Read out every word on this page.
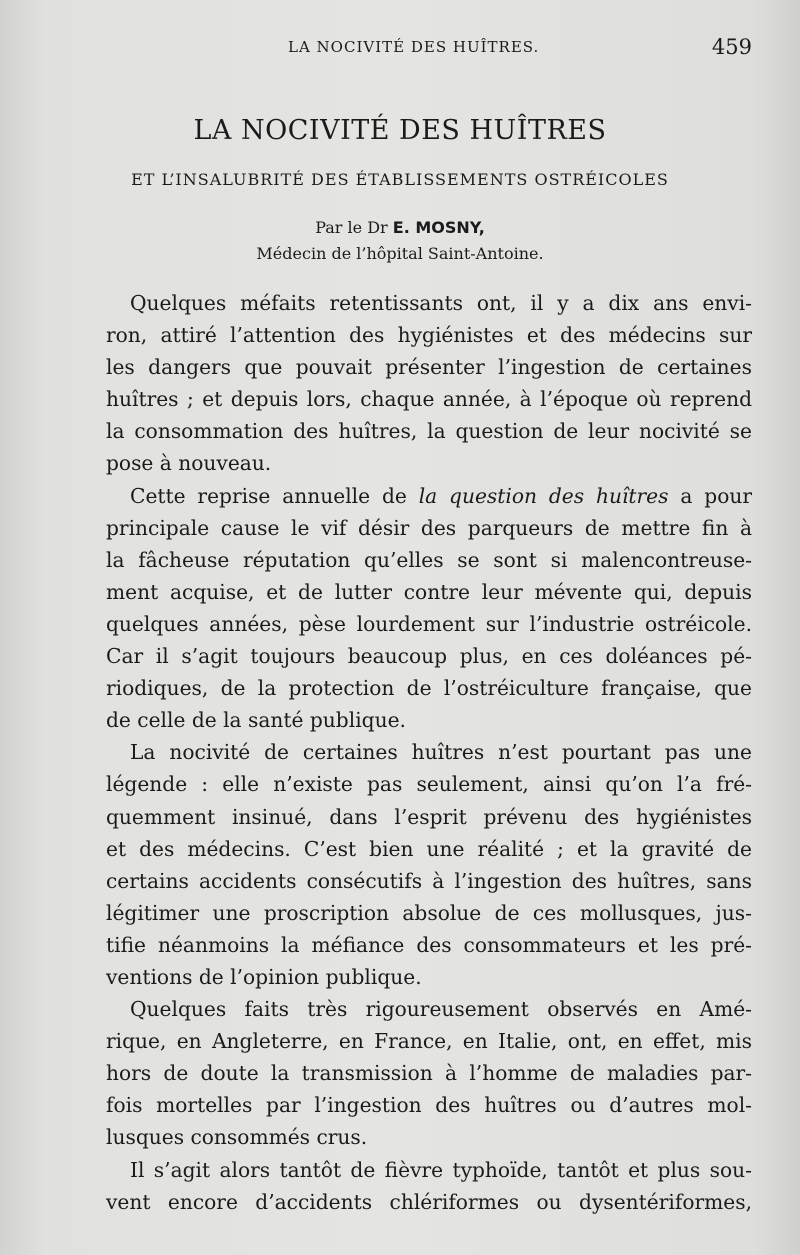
LA NOCIVITÉ DES HUÎTRES.	459
LA NOCIVITÉ DES HUÎTRES
ET L’INSALUBRITÉ DES ÉTABLISSEMENTS OSTRÉICOLES
Par le Dr E. MOSNY,
Médecin de l’hôpital Saint-Antoine.
Quelques méfaits retentissants ont, il y a dix ans envi-
ron, attiré l’attention des hygiénistes et des médecins sur
les dangers que pouvait présenter l’ingestion de certaines
huîtres ; et depuis lors, chaque année, à l’époque où reprend
la consommation des huîtres, la question de leur nocivité se
pose à nouveau.
Cette reprise annuelle de la question des huîtres a pour
principale cause le vif désir des parqueurs de mettre fin à
la fâcheuse réputation qu’elles se sont si malencontreuse-
ment acquise, et de lutter contre leur mévente qui, depuis
quelques années, pèse lourdement sur l’industrie ostréicole.
Car il s’agit toujours beaucoup plus, en ces doléances pé-
riodiques, de la protection de l’ostréiculture française, que
de celle de la santé publique.
La nocivité de certaines huîtres n’est pourtant pas une
légende : elle n’existe pas seulement, ainsi qu’on l’a fré-
quemment insinué, dans l’esprit prévenu des hygiénistes
et des médecins. C’est bien une réalité ; et la gravité de
certains accidents consécutifs à l’ingestion des huîtres, sans
légitimer une proscription absolue de ces mollusques, jus-
tifie néanmoins la méfiance des consommateurs et les pré-
ventions de l’opinion publique.
Quelques faits très rigoureusement observés en Amé-
rique, en Angleterre, en France, en Italie, ont, en effet, mis
hors de doute la transmission à l’homme de maladies par-
fois mortelles par l’ingestion des huîtres ou d’autres mol-
lusques consommés crus.
Il s’agit alors tantôt de fièvre typhoïde, tantôt et plus sou-
vent encore d’accidents chlériformes ou dysentériformes,
